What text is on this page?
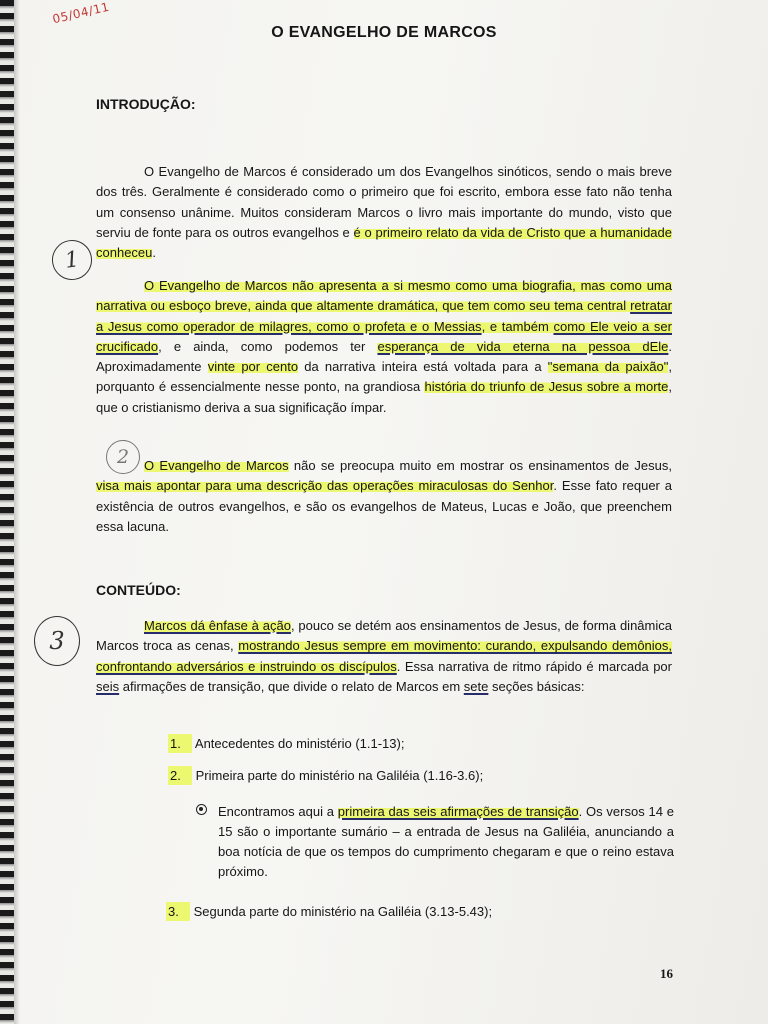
05/04/11
O EVANGELHO DE MARCOS
INTRODUÇÃO:

O Evangelho de Marcos é considerado um dos Evangelhos sinóticos, sendo o mais breve dos três. Geralmente é considerado como o primeiro que foi escrito, embora esse fato não tenha um consenso unânime. Muitos consideram Marcos o livro mais importante do mundo, visto que serviu de fonte para os outros evangelhos e é o primeiro relato da vida de Cristo que a humanidade conheceu.

O Evangelho de Marcos não apresenta a si mesmo como uma biografia, mas como uma narrativa ou esboço breve, ainda que altamente dramática, que tem como seu tema central retratar a Jesus como operador de milagres, como o profeta e o Messias, e também como Ele veio a ser crucificado, e ainda, como podemos ter esperança de vida eterna na pessoa dEle. Aproximadamente vinte por cento da narrativa inteira está voltada para a "semana da paixão", porquanto é essencialmente nesse ponto, na grandiosa história do triunfo de Jesus sobre a morte, que o cristianismo deriva a sua significação ímpar.

O Evangelho de Marcos não se preocupa muito em mostrar os ensinamentos de Jesus, visa mais apontar para uma descrição das operações miraculosas do Senhor. Esse fato requer a existência de outros evangelhos, e são os evangelhos de Mateus, Lucas e João, que preenchem essa lacuna.

CONTEÚDO:

Marcos dá ênfase à ação, pouco se detém aos ensinamentos de Jesus, de forma dinâmica Marcos troca as cenas, mostrando Jesus sempre em movimento: curando, expulsando demônios, confrontando adversários e instruindo os discípulos. Essa narrativa de ritmo rápido é marcada por seis afirmações de transição, que divide o relato de Marcos em sete seções básicas:

1. Antecedentes do ministério (1.1-13);
2. Primeira parte do ministério na Galiléia (1.16-3.6);
Encontramos aqui a primeira das seis afirmações de transição. Os versos 14 e 15 são o importante sumário – a entrada de Jesus na Galiléia, anunciando a boa notícia de que os tempos do cumprimento chegaram e que o reino estava próximo.
3. Segunda parte do ministério na Galiléia (3.13-5.43);
1
2
3
16
